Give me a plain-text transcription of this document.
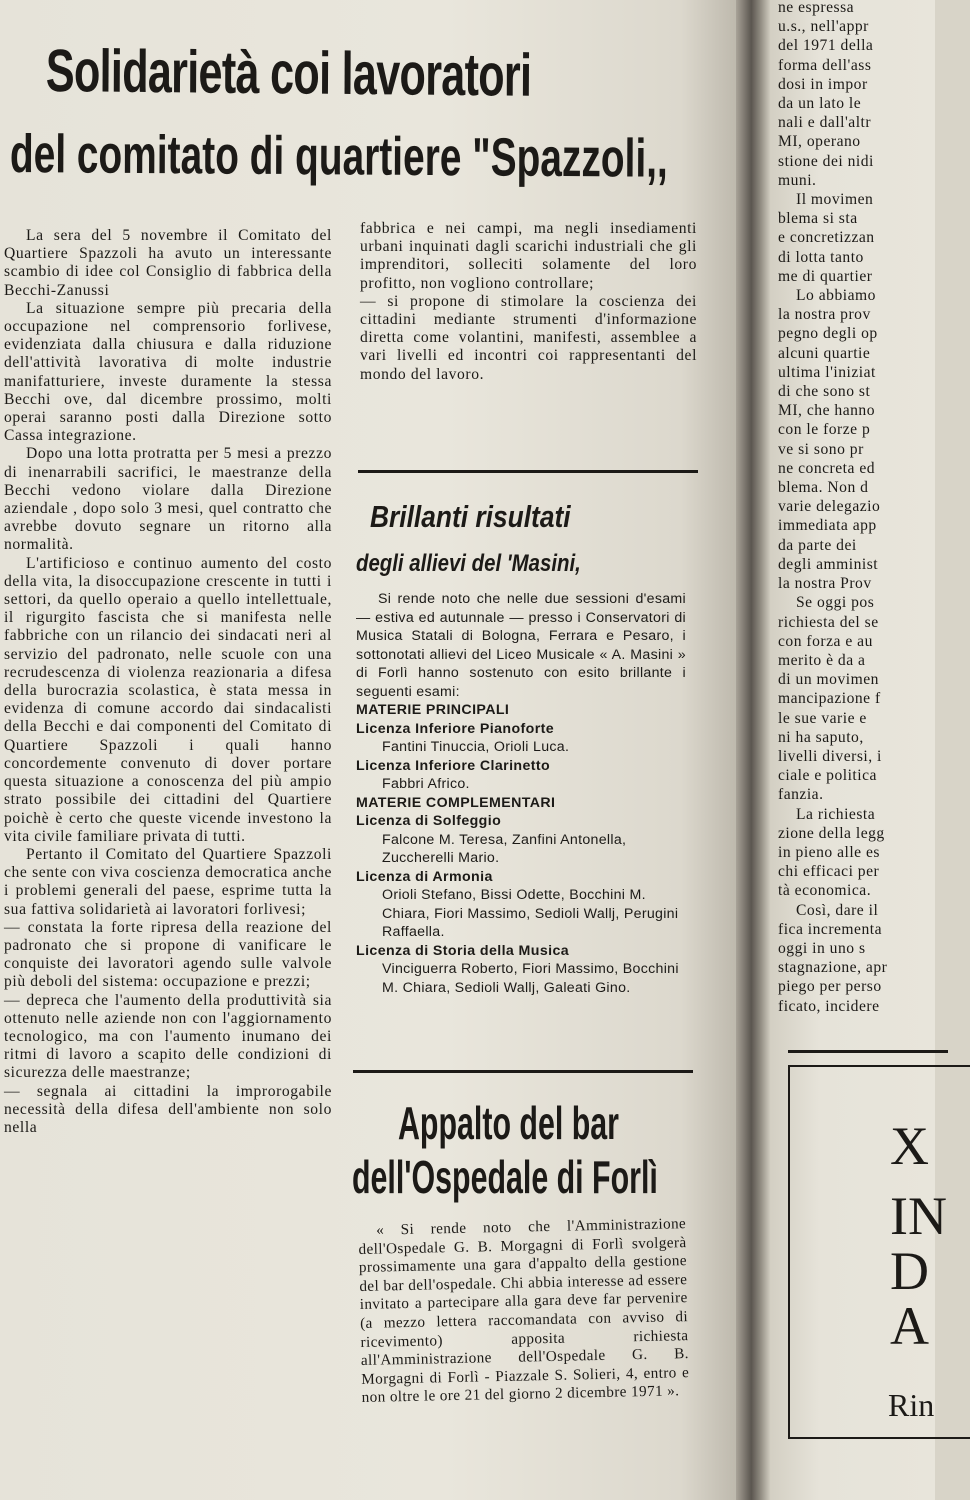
Solidarietà coi lavoratori
del comitato di quartiere "Spazzoli,,

La sera del 5 novembre il Comitato del Quartiere Spazzoli ha avuto un interessante scambio di idee col Consiglio di fabbrica della Becchi-Zanussi

La situazione sempre più precaria della occupazione nel comprensorio forlivese, evidenziata dalla chiusura e dalla riduzione dell'attività lavorativa di molte industrie manifatturiere, investe duramente la stessa Becchi ove, dal dicembre prossimo, molti operai saranno posti dalla Direzione sotto Cassa integrazione.

Dopo una lotta protratta per 5 mesi a prezzo di inenarrabili sacrifici, le maestranze della Becchi vedono violare dalla Direzione aziendale , dopo solo 3 mesi, quel contratto che avrebbe dovuto segnare un ritorno alla normalità.

L'artificioso e continuo aumento del costo della vita, la disoccupazione crescente in tutti i settori, da quello operaio a quello intellettuale, il rigurgito fascista che si manifesta nelle fabbriche con un rilancio dei sindacati neri al servizio del padronato, nelle scuole con una recrudescenza di violenza reazionaria a difesa della burocrazia scolastica, è stata messa in evidenza di comune accordo dai sindacalisti della Becchi e dai componenti del Comitato di Quartiere Spazzoli i quali hanno concordemente convenuto di dover portare questa situazione a conoscenza del più ampio strato possibile dei cittadini del Quartiere poichè è certo che queste vicende investono la vita civile familiare privata di tutti.

Pertanto il Comitato del Quartiere Spazzoli che sente con viva coscienza democratica anche i problemi generali del paese, esprime tutta la sua fattiva solidarietà ai lavoratori forlivesi;

— constata la forte ripresa della reazione del padronato che si propone di vanificare le conquiste dei lavoratori agendo sulle valvole più deboli del sistema: occupazione e prezzi;

— depreca che l'aumento della produttività sia ottenuto nelle aziende non con l'aggiornamento tecnologico, ma con l'aumento inumano dei ritmi di lavoro a scapito delle condizioni di sicurezza delle maestranze;

— segnala ai cittadini la improrogabile necessità della difesa dell'ambiente non solo nella

fabbrica e nei campi, ma negli insediamenti urbani inquinati dagli scarichi industriali che gli imprenditori, solleciti solamente del loro profitto, non vogliono controllare;

— si propone di stimolare la coscienza dei cittadini mediante strumenti d'informazione diretta come volantini, manifesti, assemblee a vari livelli ed incontri coi rappresentanti del mondo del lavoro.

Brillanti risultati
degli allievi del 'Masini,

Si rende noto che nelle due sessioni d'esami — estiva ed autunnale — presso i Conservatori di Musica Statali di Bologna, Ferrara e Pesaro, i sottonotati allievi del Liceo Musicale « A. Masini » di Forlì hanno sostenuto con esito brillante i seguenti esami:

MATERIE PRINCIPALI

Licenza Inferiore Pianoforte

Fantini Tinuccia, Orioli Luca.

Licenza Inferiore Clarinetto

Fabbri Africo.

MATERIE COMPLEMENTARI

Licenza di Solfeggio

Falcone M. Teresa, Zanfini Antonella, Zuccherelli Mario.

Licenza di Armonia

Orioli Stefano, Bissi Odette, Bocchini M. Chiara, Fiori Massimo, Sedioli Wallj, Perugini Raffaella.

Licenza di Storia della Musica

Vinciguerra Roberto, Fiori Massimo, Bocchini M. Chiara, Sedioli Wallj, Galeati Gino.

Appalto del bar
dell'Ospedale di Forlì

« Si rende noto che l'Amministrazione dell'Ospedale G. B. Morgagni di Forlì svolgerà prossimamente una gara d'appalto della gestione del bar dell'ospedale. Chi abbia interesse ad essere invitato a partecipare alla gara deve far pervenire (a mezzo lettera raccomandata con avviso di ricevimento) apposita richiesta all'Amministrazione dell'Ospedale G. B. Morgagni di Forlì - Piazzale S. Solieri, 4, entro e non oltre le ore 21 del giorno 2 dicembre 1971 ».

ne espressa
u.s., nell'appr
del 1971 della
forma dell'ass
dosi in impor
da un lato le
nali e dall'altr
MI, operano
stione dei nidi
muni.
Il movimen
blema si sta
e concretizzan
di lotta tanto
me di quartier
Lo abbiamo
la nostra prov
pegno degli op
alcuni quartie
ultima l'iniziat
di che sono st
MI, che hanno
con le forze p
ve si sono pr
ne concreta ed
blema. Non d
varie delegazio
immediata app
da parte dei
degli amminist
la nostra Prov
Se oggi pos
richiesta del se
con forza e au
merito è da a
di un movimen
mancipazione f
le sue varie e
ni ha saputo,
livelli diversi, i
ciale e politica
fanzia.
La richiesta
zione della legg
in pieno alle es
chi efficaci per
tà economica.
Così, dare il
fica incrementa
oggi in uno s
stagnazione, apr
piego per perso
ficato, incidere
X
IN
D
A
Rin
